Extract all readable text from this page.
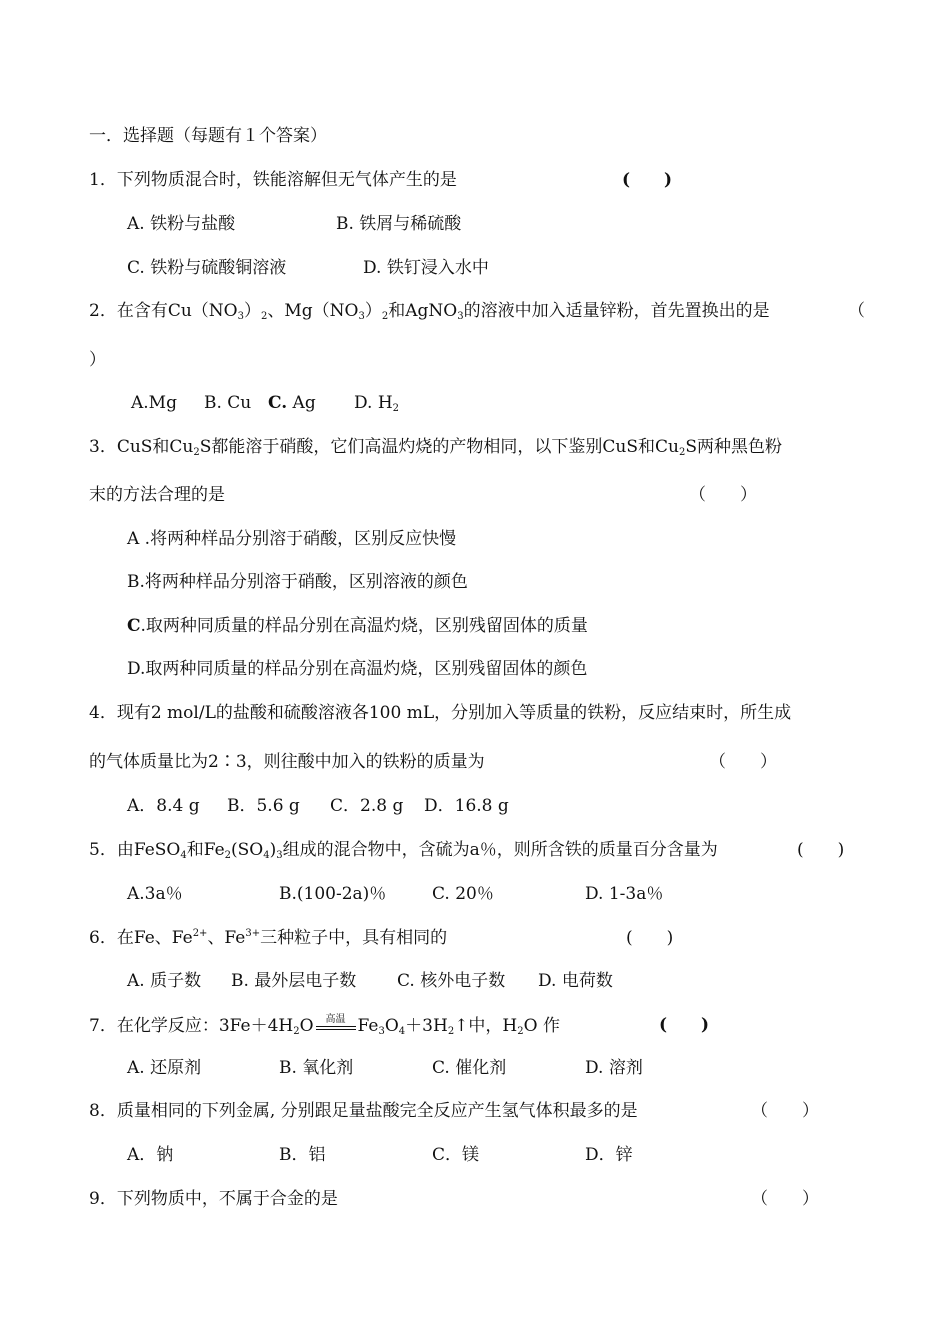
一．选择题（每题有１个答案）
1．下列物质混合时，铁能溶解但无气体产生的是	(　　)
A. 铁粉与盐酸	B. 铁屑与稀硫酸
C. 铁粉与硫酸铜溶液	D. 铁钉浸入水中
2．在含有$Cu(NO_3)_2$、$Mg(NO_3)_2$和AgNO$_3$的溶液中加入适量锌粉，首先置换出的是	（
）
A.Mg B. Cu C. Ag D. $H_2$
3．CuS和$Cu_2S$都能溶于硝酸，它们高温灼烧的产物相同，以下鉴别CuS和$Cu_2S$两种黑色粉
末的方法合理的是	（　　）
A .将两种样品分别溶于硝酸，区别反应快慢
B.将两种样品分别溶于硝酸，区别溶液的颜色
C.取两种同质量的样品分别在高温灼烧，区别残留固体的质量
D.取两种同质量的样品分别在高温灼烧，区别残留固体的颜色
4．现有2 mol/L的盐酸和硫酸溶液各100 mL，分别加入等质量的铁粉，反应结束时，所生成
的气体质量比为2∶3，则往酸中加入的铁粉的质量为	（　　）
A．8.4 g B．5.6 g C．2.8 g D．16.8 g
5．由FeSO$_4$和$Fe_2(SO_4)_3$组成的混合物中，含硫为a％，则所含铁的质量百分含量为	(　　)
A.3a％	B.(100-2a)％	C. 20％	D. 1-3a％
6．在Fe、$Fe^{2+}$、$Fe^{3+}$三种粒子中，具有相同的	(　　)
A. 质子数 B. 最外层电子数 C. 核外电子数 D. 电荷数
7．在化学反应：$3Fe+4H_2O$	高温 $Fe_3O_4+3H_2↑$中，$H_2O$ 作	(　　)
A. 还原剂	B. 氧化剂	C. 催化剂	D. 溶剂
8．质量相同的下列金属, 分别跟足量盐酸完全反应产生氢气体积最多的是	（　　）
A．钠	B．铝	C．镁	D．锌
9．下列物质中，不属于合金的是	（　　）
